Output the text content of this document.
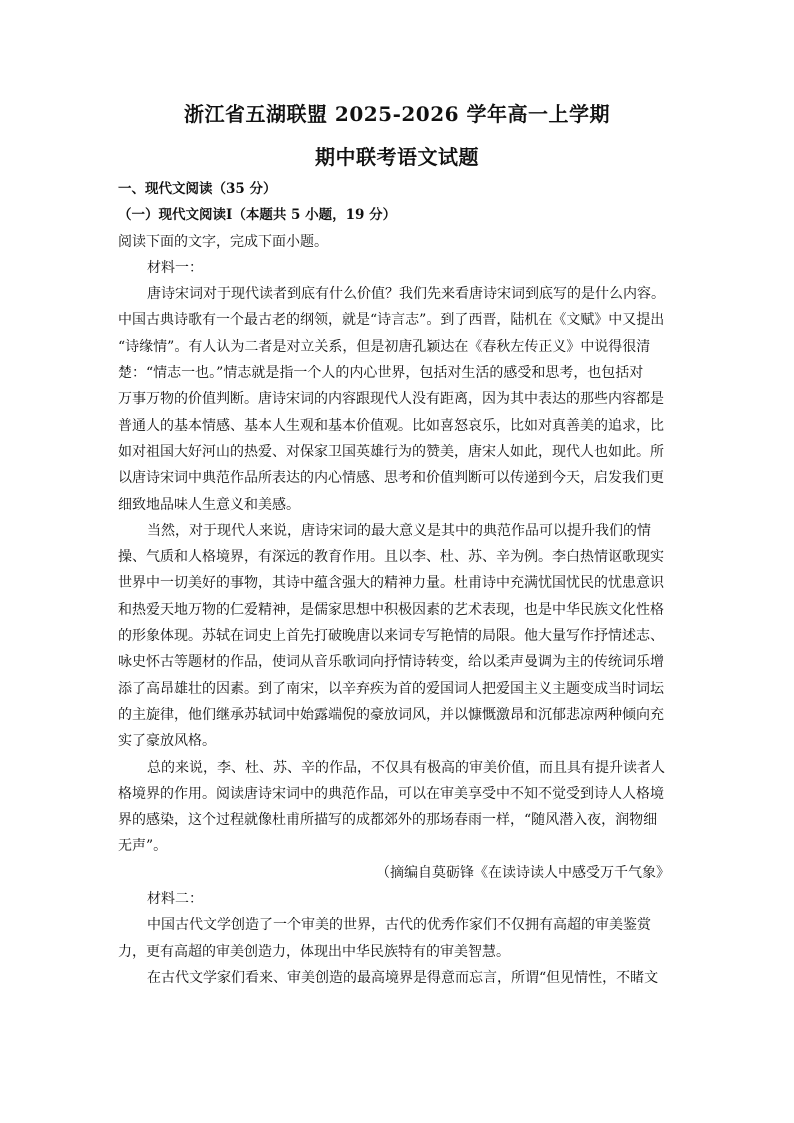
浙江省五湖联盟 2025-2026 学年高一上学期
期中联考语文试题
一、现代文阅读（35 分）
（一）现代文阅读Ⅰ（本题共 5 小题，19 分）
阅读下面的文字，完成下面小题。
材料一：
唐诗宋词对于现代读者到底有什么价值？我们先来看唐诗宋词到底写的是什么内容。
中国古典诗歌有一个最古老的纲领，就是“诗言志”。到了西晋，陆机在《文赋》中又提出
“诗缘情”。有人认为二者是对立关系，但是初唐孔颖达在《春秋左传正义》中说得很清
楚：“情志一也。”情志就是指一个人的内心世界，包括对生活的感受和思考，也包括对
万事万物的价值判断。唐诗宋词的内容跟现代人没有距离，因为其中表达的那些内容都是
普通人的基本情感、基本人生观和基本价值观。比如喜怒哀乐，比如对真善美的追求，比
如对祖国大好河山的热爱、对保家卫国英雄行为的赞美，唐宋人如此，现代人也如此。所
以唐诗宋词中典范作品所表达的内心情感、思考和价值判断可以传递到今天，启发我们更
细致地品味人生意义和美感。
当然，对于现代人来说，唐诗宋词的最大意义是其中的典范作品可以提升我们的情
操、气质和人格境界，有深远的教育作用。且以李、杜、苏、辛为例。李白热情讴歌现实
世界中一切美好的事物，其诗中蕴含强大的精神力量。杜甫诗中充满忧国忧民的忧患意识
和热爱天地万物的仁爱精神，是儒家思想中积极因素的艺术表现，也是中华民族文化性格
的形象体现。苏轼在词史上首先打破晚唐以来词专写艳情的局限。他大量写作抒情述志、
咏史怀古等题材的作品，使词从音乐歌词向抒情诗转变，给以柔声曼调为主的传统词乐增
添了高昂雄壮的因素。到了南宋，以辛弃疾为首的爱国词人把爱国主义主题变成当时词坛
的主旋律，他们继承苏轼词中始露端倪的豪放词风，并以慷慨激昂和沉郁悲凉两种倾向充
实了豪放风格。
总的来说，李、杜、苏、辛的作品，不仅具有极高的审美价值，而且具有提升读者人
格境界的作用。阅读唐诗宋词中的典范作品，可以在审美享受中不知不觉受到诗人人格境
界的感染，这个过程就像杜甫所描写的成都郊外的那场春雨一样，“随风潜入夜，润物细
无声”。
（摘编自莫砺锋《在读诗读人中感受万千气象》
材料二：
中国古代文学创造了一个审美的世界，古代的优秀作家们不仅拥有高超的审美鉴赏
力，更有高超的审美创造力，体现出中华民族特有的审美智慧。
在古代文学家们看来、审美创造的最高境界是得意而忘言，所谓“但见情性，不睹文
